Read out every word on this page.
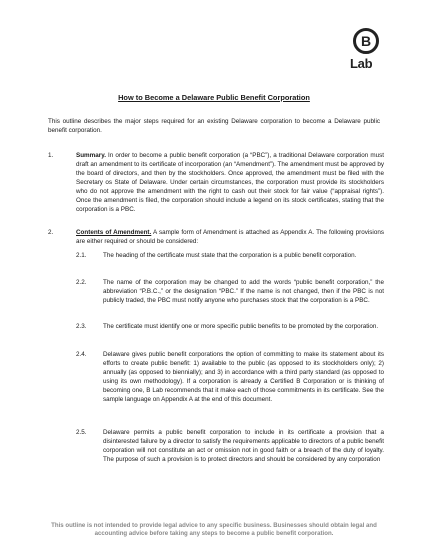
B
Lab
How to Become a Delaware Public Benefit Corporation
This outline describes the major steps required for an existing Delaware corporation to become a Delaware public benefit corporation.
1.	Summary. In order to become a public benefit corporation (a “PBC”), a traditional Delaware corporation must draft an amendment to its certificate of incorporation (an “Amendment”). The amendment must be approved by the board of directors, and then by the stockholders. Once approved, the amendment must be filed with the Secretary os State of Delaware. Under certain circumstances, the corporation must provide its stockholders who do not approve the amendment with the right to cash out their stock for fair value (“appraisal rights”). Once the amendment is filed, the corporation should include a legend on its stock certificates, stating that the corporation is a PBC.
2.	Contents of Amendment. A sample form of Amendment is attached as Appendix A. The following provisions are either required or should be considered:
2.1.	The heading of the certificate must state that the corporation is a public benefit corporation.
2.2.	The name of the corporation may be changed to add the words “public benefit corporation,” the abbreviation “P.B.C.,” or the designation “PBC.” If the name is not changed, then if the PBC is not publicly traded, the PBC must notify anyone who purchases stock that the corporation is a PBC.
2.3.	The certificate must identify one or more specific public benefits to be promoted by the corporation.
2.4.	Delaware gives public benefit corporations the option of committing to make its statement about its efforts to create public benefit: 1) available to the public (as opposed to its stockholders only); 2) annually (as opposed to biennially); and 3) in accordance with a third party standard (as opposed to using its own methodology). If a corporation is already a Certified B Corporation or is thinking of becoming one, B Lab recommends that it make each of those commitments in its certificate. See the sample language on Appendix A at the end of this document.
2.5.	Delaware permits a public benefit corporation to include in its certificate a provision that a disinterested failure by a director to satisfy the requirements applicable to directors of a public benefit corporation will not constitute an act or omission not in good faith or a breach of the duty of loyalty. The purpose of such a provision is to protect directors and should be considered by any corporation
This outline is not intended to provide legal advice to any specific business. Businesses should obtain legal and accounting advice before taking any steps to become a public benefit corporation.
